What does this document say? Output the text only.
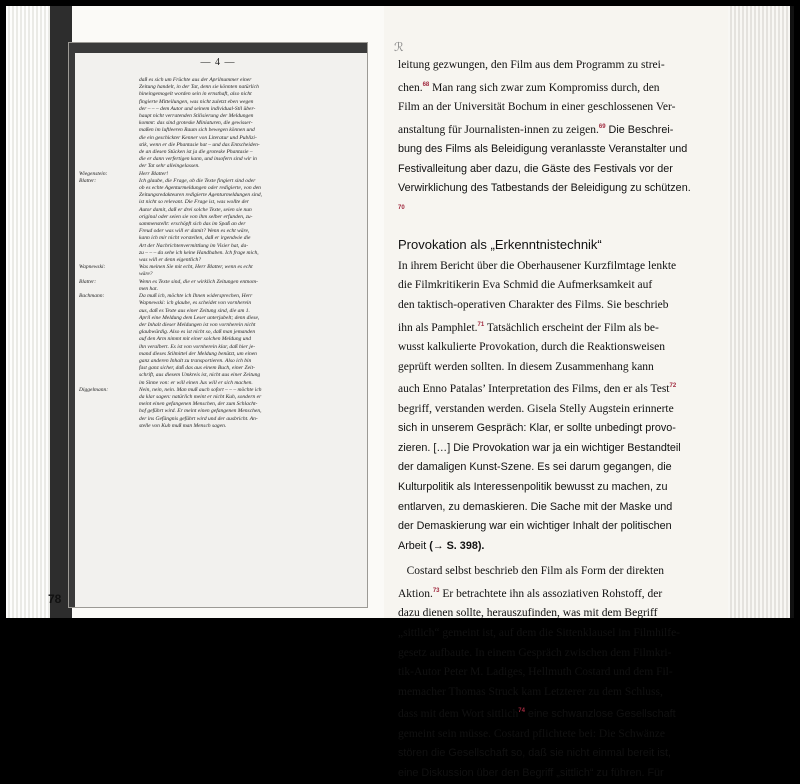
— 4 —
daß es sich um Früchte aus der Aprilnummer einer
Zeitung handelt, in der Tat, denn sie könnten natürlich
hineingemogelt worden sein in ernsthaft, also nicht
fingierte Mitteilungen, was nicht zuletzt eben wegen
der – – – dem Autor und seinem individual-Stil über-
haupt nicht verratenden Stilisierung der Meldungen
kommt: das sind groteske Miniaturen, die gewisser-
maßen im luftleeren Raum sich bewegen können und
die ein geschickter Kenner von Literatur und Publizi-
stik, wenn er die Phantasie hat – und das Entscheiden-
de an diesen Stücken ist ja die groteske Phantasie –
die er dann verfertigen kann, und insofern sind wir in
der Tat sehr alleingelassen.
Wiegenstein:	Herr Blatter!
Blatter:	Ich glaube, die Frage, ob die Texte fingiert sind oder
ob es echte Agenturmeldungen oder redigierte, von den
Zeitungsredakteuren redigierte Agenturmeldungen sind,
ist nicht so relevant. Die Frage ist, was wollte der
Autor damit, daß er drei solche Texte, seien sie nun
original oder seien sie von ihm selber erfunden, zu-
sammenstellt: erschöpft sich das im Spaß an der
Freud oder was will er damit? Wenn es echt wäre,
kann ich mir nicht vorstellen, daß er irgendwie die
Art der Nachrichtenvermittlung im Visier hat, da-
zu – – – da sehe ich keine Handhaben. Ich frage mich,
was will er denn eigentlich?
Wapnewski:	Was meinen Sie mit echt, Herr Blatter, wenn es echt
wäre?
Blatter:	Wenn es Texte sind, die er wirklich Zeitungen entnom-
men hat.
Bachmann:	Da muß ich, möchte ich Ihnen widersprechen, Herr
Wapnewski: ich glaube, es scheidet von vornherein
aus, daß es Texte aus einer Zeitung sind, die am 1.
April eine Meldung dem Leser unterjubelt; denn diese,
der Inhalt dieser Meldungen ist von vornherein nicht
glaubwürdig. Also es ist nicht so, daß man jemanden
auf den Arm nimmt mit einer solchen Meldung und
ihn veralbert. Es ist von vornherein klar, daß hier je-
mand dieses Stilmittel der Meldung benützt, um einen
ganz anderen Inhalt zu transportieren. Also ich bin
fast ganz sicher, daß das aus einem Buch, einer Zeit-
schrift, aus diesem Umkreis ist, nicht aus einer Zeitung
im Sinne von: er will einen Jux will er sich machen.
Diggelmann:	Nein, nein, nein. Man muß auch sofort – – – möchte ich
da klar sagen: natürlich meint er nicht Kuh, sondern er
meint einen gefangenen Menschen, der zum Schlacht-
hof geführt wird. Er meint einen gefangenen Menschen,
der ins Gefängnis geführt wird und der ausbricht. An-
stelle von Kuh muß man Mensch sagen.
78
ℛ

leitung gezwungen, den Film aus dem Programm zu strei-
chen.$^{68}$ Man rang sich zwar zum Kompromiss durch, den
Film an der Universität Bochum in einer geschlossenen Ver-
anstaltung für Journalisten-innen zu zeigen.$^{69}$ Die Beschrei-
bung des Films als Beleidigung veranlasste Veranstalter und
Festivalleitung aber dazu, die Gäste des Festivals vor der
Verwirklichung des Tatbestands der Beleidigung zu schützen.
$^{70}$

Provokation als „Erkenntnistechnik“

In ihrem Bericht über die Oberhausener Kurzfilmtage lenkte
die Filmkritikerin Eva Schmid die Aufmerksamkeit auf
den taktisch-operativen Charakter des Films. Sie beschrieb
ihn als Pamphlet.$^{71}$ Tatsächlich erscheint der Film als be-
wusst kalkulierte Provokation, durch die Reaktionsweisen
geprüft werden sollten. In diesem Zusammenhang kann
auch Enno Patalas’ Interpretation des Films, den er als Test$^{72}$
begriff, verstanden werden. Gisela Stelly Augstein erinnerte
sich in unserem Gespräch: Klar, er sollte unbedingt provo-
zieren. […] Die Provokation war ja ein wichtiger Bestandteil
der damaligen Kunst-Szene. Es sei darum gegangen, die
Kulturpolitik als Interessenpolitik bewusst zu machen, zu
entlarven, zu demaskieren. Die Sache mit der Maske und
der Demaskierung war ein wichtiger Inhalt der politischen
Arbeit (→ S. 398).

Costard selbst beschrieb den Film als Form der direkten
Aktion.$^{73}$ Er betrachtete ihn als assoziativen Rohstoff, der
dazu dienen sollte, herauszufinden, was mit dem Begriff
„sittlich“ gemeint ist, auf dem die Sittenklausel im Filmhilfe-
gesetz aufbaute. In einem Gespräch zwischen dem Filmkri-
tik-Autor Peter M. Ladiges, Hellmuth Costard und dem Fil-
memacher Thomas Struck kam Letzterer zu dem Schluss,
dass mit dem Wort sittlich$^{74}$ eine schwanzlose Gesellschaft
gemeint sein müsse. Costard pflichtete bei: Die Schwänze
stören die Gesellschaft so, daß sie nicht einmal bereit ist,
eine Diskussion über den Begriff „sittlich“ zu führen. Für
